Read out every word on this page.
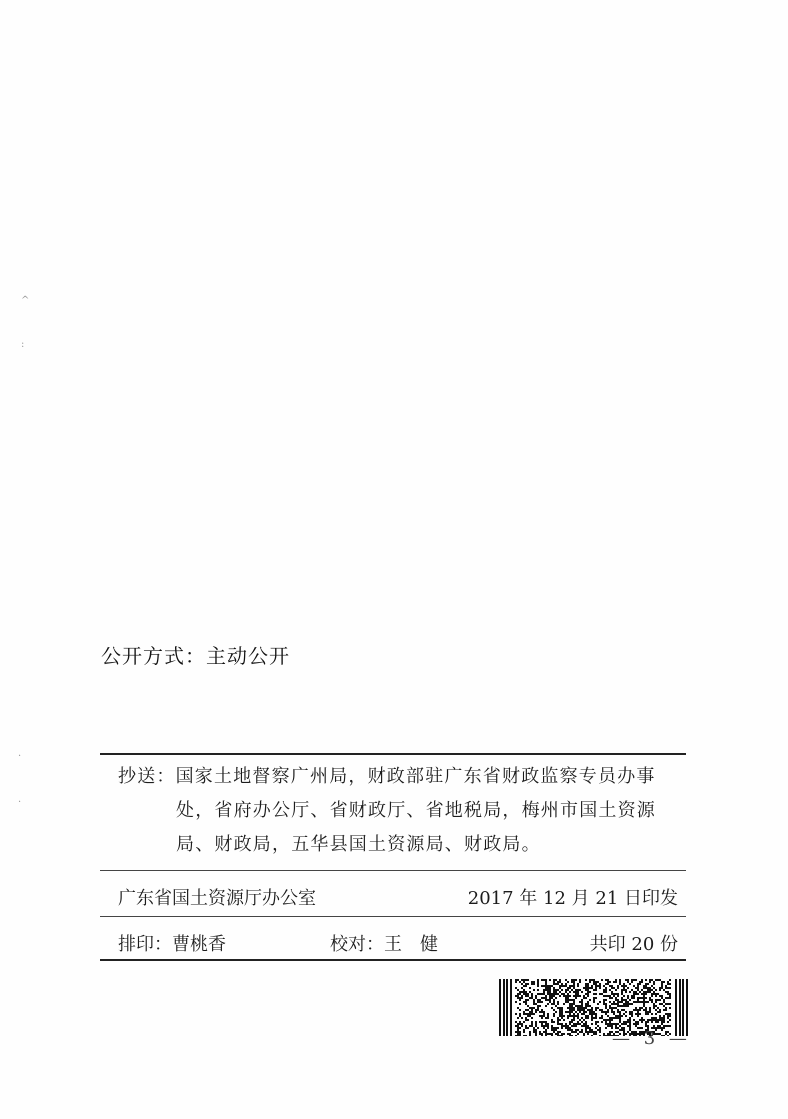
^
:
·
·
公开方式：主动公开
抄送：国家土地督察广州局，财政部驻广东省财政监察专员办事
处，省府办公厅、省财政厅、省地税局，梅州市国土资源
局、财政局，五华县国土资源局、财政局。
广东省国土资源厅办公室	2017 年 12 月 21 日印发
排印：曹桃香	校对：王　健	共印 20 份
— 3 —
